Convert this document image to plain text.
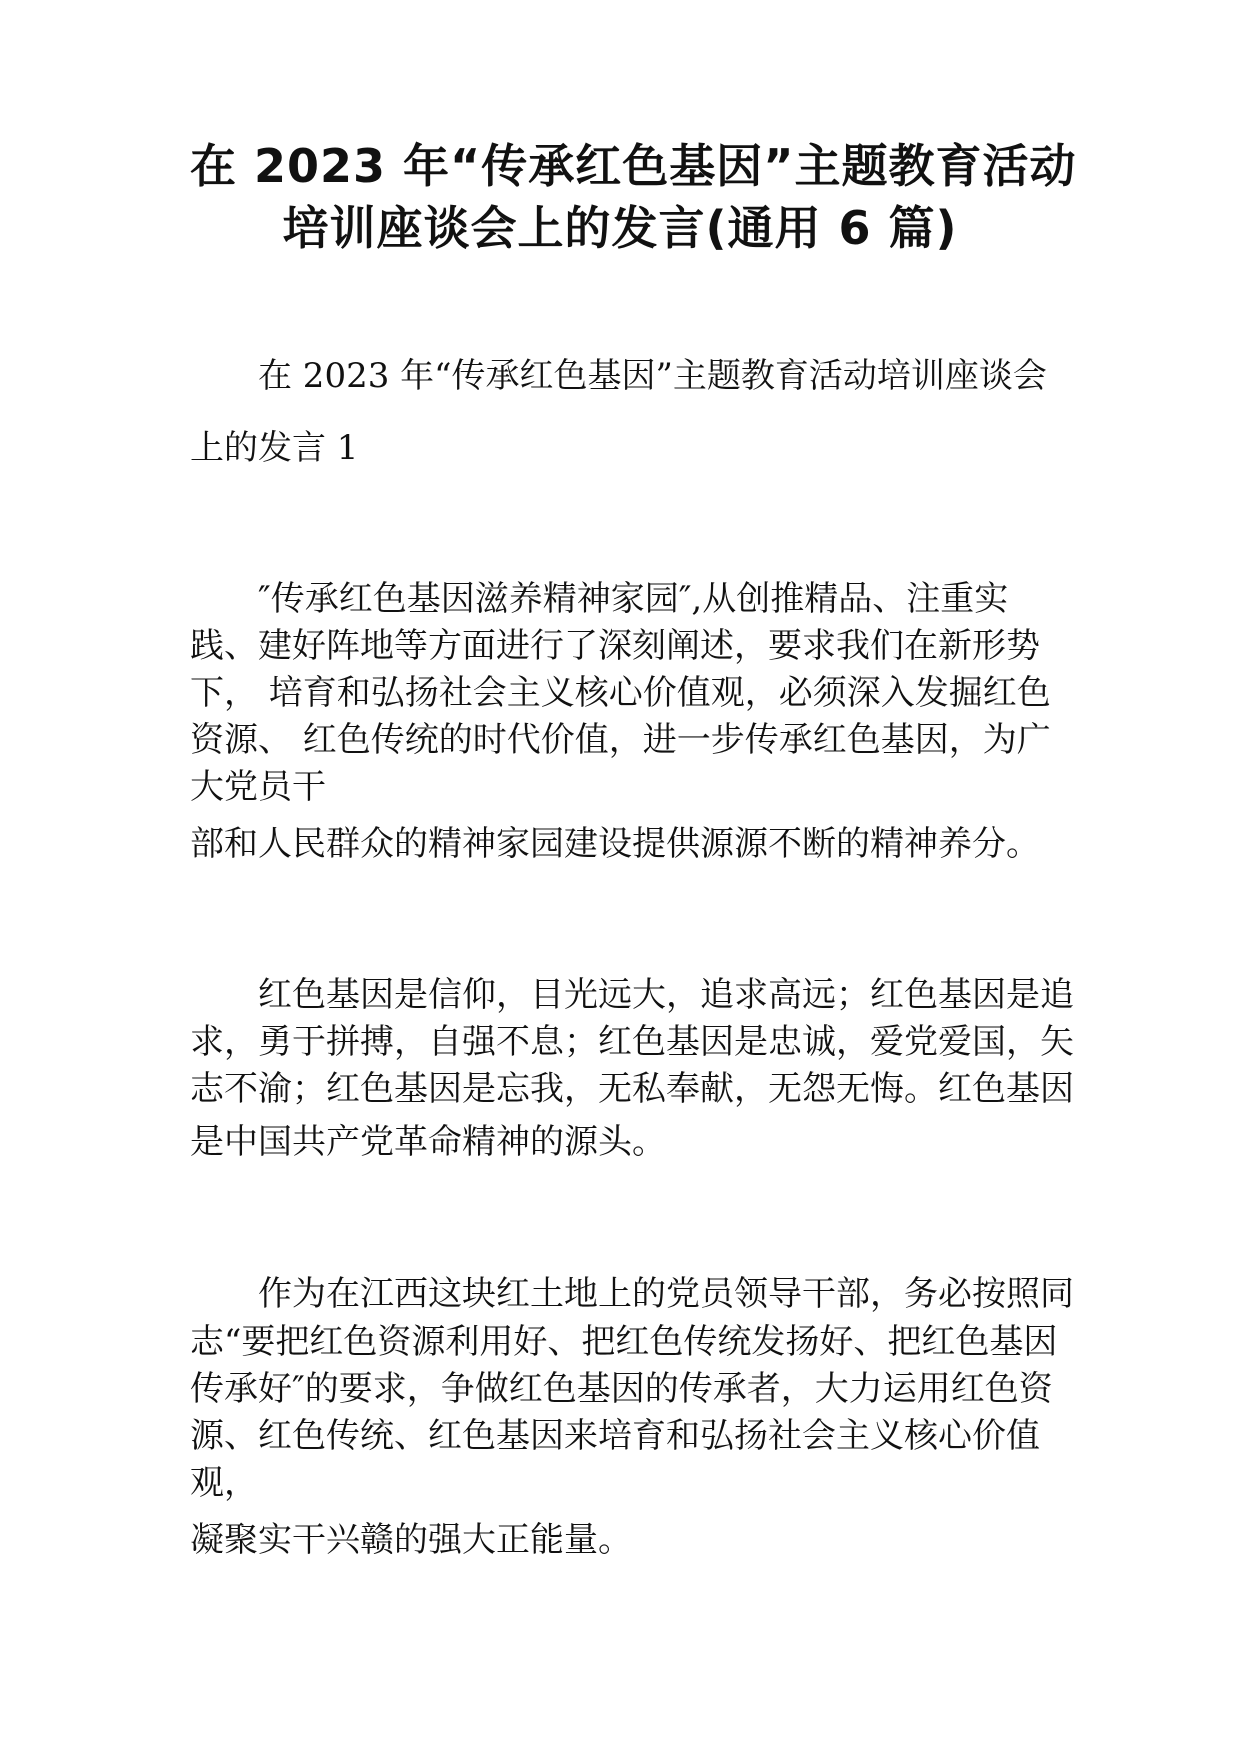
在 2023 年“传承红色基因”主题教育活动
培训座谈会上的发言(通用 6 篇)
在 2023 年“传承红色基因”主题教育活动培训座谈会
上的发言 1
″传承红色基因滋养精神家园″,从创推精品、注重实
践、建好阵地等方面进行了深刻阐述，要求我们在新形势
下， 培育和弘扬社会主义核心价值观，必须深入发掘红色
资源、 红色传统的时代价值，进一步传承红色基因，为广
大党员干
部和人民群众的精神家园建设提供源源不断的精神养分。
红色基因是信仰，目光远大，追求高远；红色基因是追
求，勇于拼搏，自强不息；红色基因是忠诚，爱党爱国，矢
志不渝；红色基因是忘我，无私奉献，无怨无悔。红色基因
是中国共产党革命精神的源头。
作为在江西这块红土地上的党员领导干部，务必按照同
志“要把红色资源利用好、把红色传统发扬好、把红色基因
传承好″的要求，争做红色基因的传承者，大力运用红色资
源、红色传统、红色基因来培育和弘扬社会主义核心价值
观，
凝聚实干兴赣的强大正能量。
